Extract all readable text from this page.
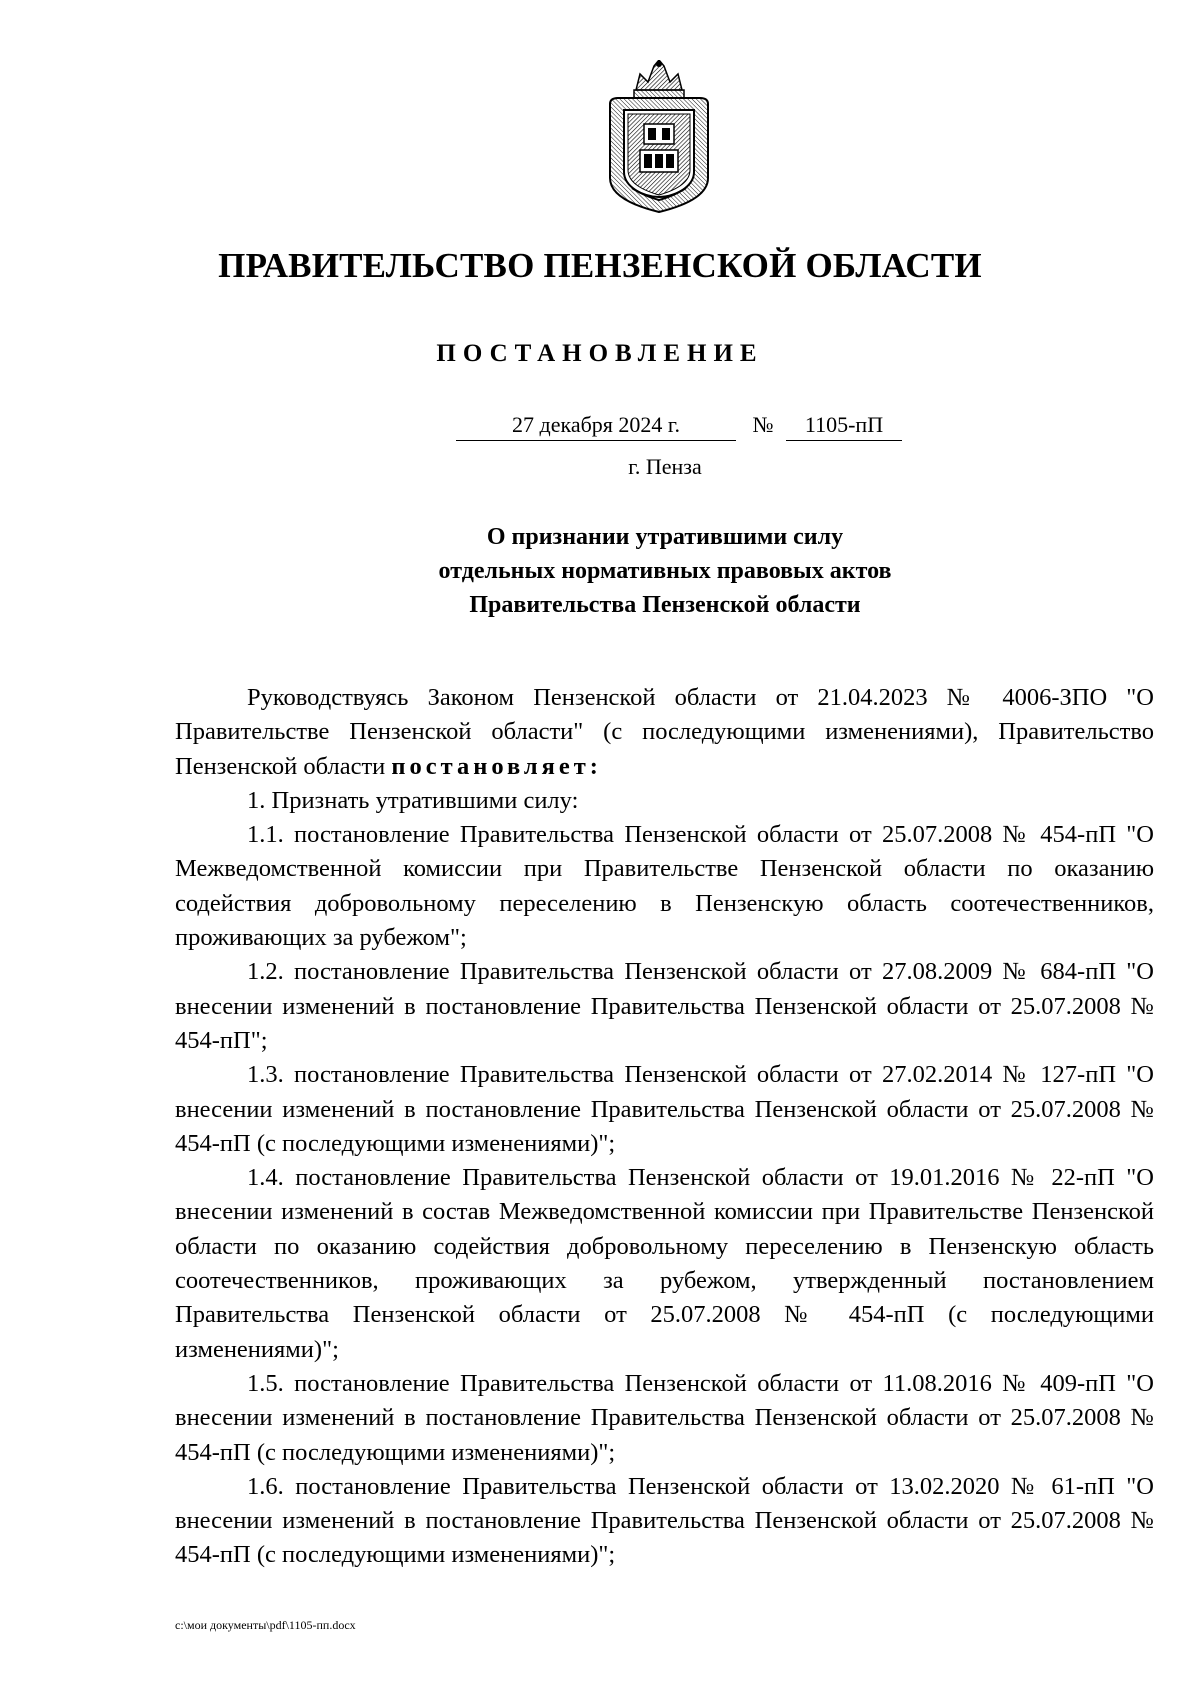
ПРАВИТЕЛЬСТВО ПЕНЗЕНСКОЙ ОБЛАСТИ
ПОСТАНОВЛЕНИЕ
27 декабря 2024 г.	№	1105-пП
г. Пенза
О признании утратившими силу
отдельных нормативных правовых актов
Правительства Пензенской области

Руководствуясь Законом Пензенской области от 21.04.2023 № 4006-ЗПО "О Правительстве Пензенской области" (с последующими изменениями), Правительство Пензенской области постановляет:

1. Признать утратившими силу:

1.1. постановление Правительства Пензенской области от 25.07.2008 № 454-пП "О Межведомственной комиссии при Правительстве Пензенской области по оказанию содействия добровольному переселению в Пензенскую область соотечественников, проживающих за рубежом";

1.2. постановление Правительства Пензенской области от 27.08.2009 № 684-пП "О внесении изменений в постановление Правительства Пензенской области от 25.07.2008 № 454-пП";

1.3. постановление Правительства Пензенской области от 27.02.2014 № 127-пП "О внесении изменений в постановление Правительства Пензенской области от 25.07.2008 № 454-пП (с последующими изменениями)";

1.4. постановление Правительства Пензенской области от 19.01.2016 № 22-пП "О внесении изменений в состав Межведомственной комиссии при Правительстве Пензенской области по оказанию содействия добровольному переселению в Пензенскую область соотечественников, проживающих за рубежом, утвержденный постановлением Правительства Пензенской области от 25.07.2008 № 454-пП (с последующими изменениями)";

1.5. постановление Правительства Пензенской области от 11.08.2016 № 409-пП "О внесении изменений в постановление Правительства Пензенской области от 25.07.2008 № 454-пП (с последующими изменениями)";

1.6. постановление Правительства Пензенской области от 13.02.2020 № 61-пП "О внесении изменений в постановление Правительства Пензенской области от 25.07.2008 № 454-пП (с последующими изменениями)";

c:\мои документы\pdf\1105-пп.docx
